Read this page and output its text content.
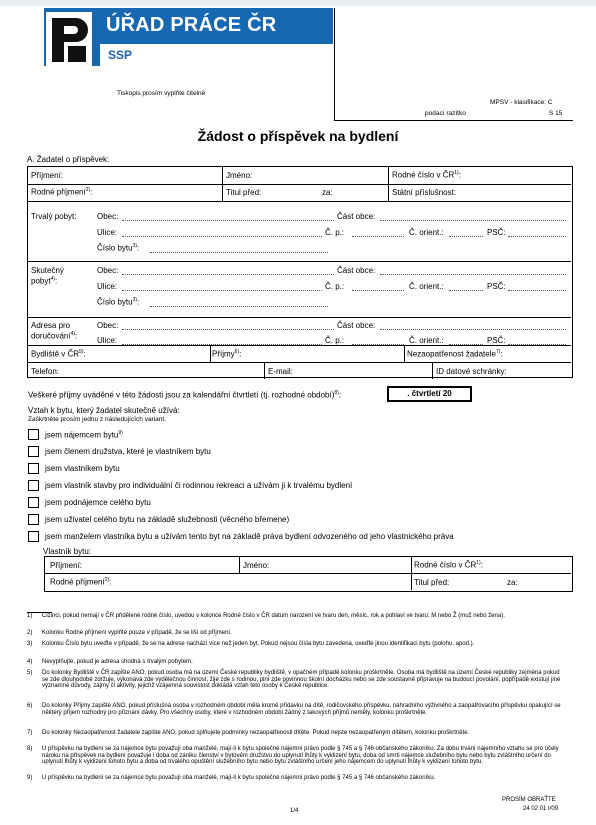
ÚŘAD PRÁCE ČR
SSP
Tiskopis prosím vyplňte čitelně
podací razítko
MPSV - klasifikace: C
S 15
Žádost o příspěvek na bydlení
A. Žadatel o příspěvek:
Příjmení:	Jméno:	Rodné číslo v ČR$^{1)}$:
Rodné příjmení$^{2)}$:	Titul před:	za:	Státní příslušnost:
Trvalý pobyt:	Obec:	Část obce:
Ulice:	Č. p.:	Č. orient.:	PSČ:
Číslo bytu$^{3)}$:
Skutečný
pobyt$^{4)}$:
Obec:	Část obce:
Ulice:	Č. p.:	Č. orient.:	PSČ:
Číslo bytu$^{3)}$:
Adresa pro
doručování$^{4)}$:
Obec:	Část obce:
Ulice:	Č. p.:	Č. orient.:	PSČ:
Bydliště v ČR$^{5)}$:	Příjmy$^{6)}$:	Nezaopatřenost žadatele$^{7)}$:
Telefon:	E-mail:	ID datové schránky:
Veškeré příjmy uváděné v této žádosti jsou za kalendářní čtvrtletí (tj. rozhodné období)$^{8)}$:	. čtvrtletí 20
Vztah k bytu, který žadatel skutečně užívá:
Zaškrtněte prosím jednu z následujících variant.
jsem nájemcem bytu$^{9)}$
jsem členem družstva, které je vlastníkem bytu
jsem vlastníkem bytu
jsem vlastník stavby pro individuální či rodinnou rekreaci a užívám ji k trvalému bydlení
jsem podnájemce celého bytu
jsem uživatel celého bytu na základě služebnosti (věcného břemene)
jsem manželem vlastníka bytu a užívám tento byt na základě práva bydlení odvozeného od jeho vlastnického práva
Vlastník bytu:
Příjmení:	Jméno:	Rodné číslo v ČR$^{1)}$:
Rodné příjmení$^{2)}$:	Titul před:	za:
1) Cizinci, pokud nemají v ČR přidělené rodné číslo, uvedou v kolonce Rodné číslo v ČR datum narození ve tvaru den, měsíc, rok a pohlaví ve tvaru: M nebo Ž (muž nebo žena).
2) Kolonku Rodné příjmení vyplňte pouze v případě, že se liší od příjmení.
3) Kolonku Číslo bytu uveďte v případě, že se na adrese nachází více než jeden byt. Pokud nejsou čísla bytu zavedena, uveďte jinou identifikaci bytu (polohu, apod.).
4) Nevyplňujte, pokud je adresa shodná s trvalým pobytem.
5) Do kolonky Bydliště v ČR zapište ANO, pokud osoba má na území České republiky bydliště, v opačném případě kolonku proškrtněte. Osoba má bydliště na území České republiky zejména pokud se zde dlouhodobě zdržuje, vykonává zde výdělečnou činnost, žije zde s rodinou, plní zde povinnou školní docházku nebo se zde soustavně připravuje na budoucí povolání, popřípadě existují jiné významné důvody, zájmy či aktivity, jejichž vzájemná souvislost dokládá vztah této osoby k České republice.
6) Do kolonky Příjmy zapište ANO, pokud příslušná osoba v rozhodném období měla kromě přídavku na dítě, rodičovského příspěvku, náhradního výživného a zaopatřovacího příspěvku opakující se některý příjem rozhodný pro přiznání dávky. Pro všechny osoby, které v rozhodném období žádný z takových příjmů neměly, kolonku proškrtněte.
7) Do kolonky Nezaopatřenost žadatele zapište ANO, pokud splňujete podmínky nezaopatřenosti dítěte. Pokud nejste nezaopatřeným dítětem, kolonku proškrtněte.
8) U příspěvku na bydlení se za nájemce bytu považují oba manželé, mají-li k bytu společné nájemní právo podle § 745 a § 746 občanského zákoníku. Za dobu trvání nájemního vztahu se pro účely nároku na příspěvek na bydlení považuje i doba od zániku členství v bytovém družstvu do uplynutí lhůty k vyklizení bytu, doba od smrti nájemce služebního bytu nebo bytu zvláštního určení do uplynutí lhůty k vyklizení tohoto bytu a doba od trvalého opuštění služebního bytu nebo bytu zvláštního určení jeho nájemcem do uplynutí lhůty k vyklizení tohoto bytu.
9) U příspěvku na bydlení se za nájemce bytu považují oba manželé, mají-li k bytu společné nájemní právo podle § 745 a § 746 občanského zákoníku.
PROSÍM OBRAŤTE
24 02 01 I/09
1/4
